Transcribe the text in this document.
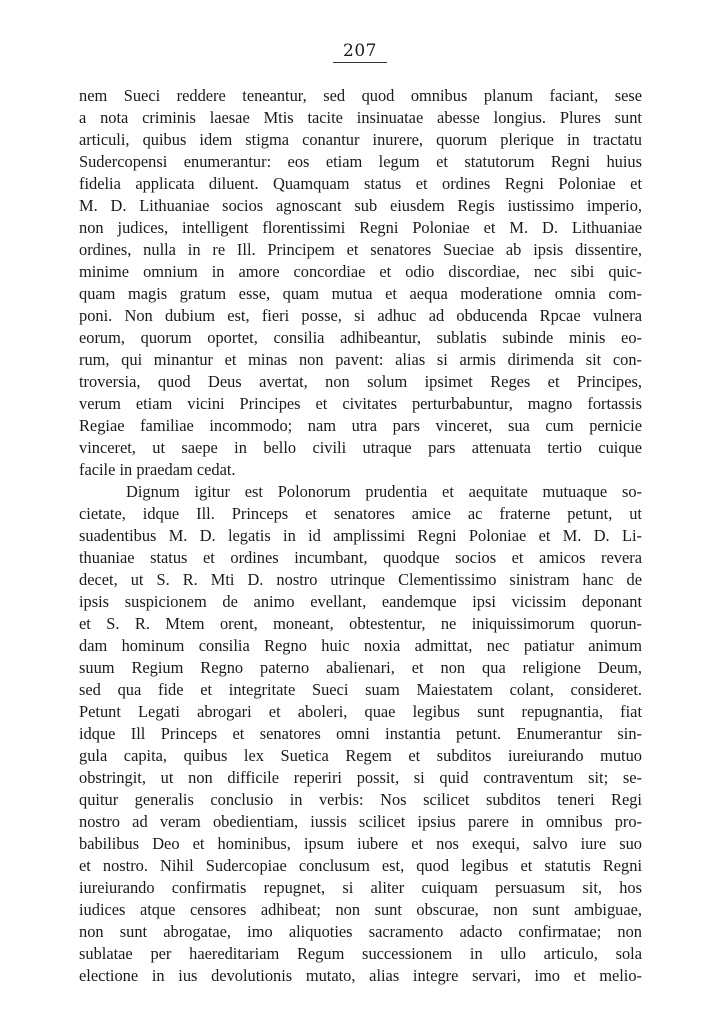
207
nem Sueci reddere teneantur, sed quod omnibus planum faciant, sese
a nota criminis laesae Mtis tacite insinuatae abesse longius. Plures sunt
articuli, quibus idem stigma conantur inurere, quorum plerique in tractatu
Sudercopensi enumerantur: eos etiam legum et statutorum Regni huius
fidelia applicata diluent. Quamquam status et ordines Regni Poloniae et
M. D. Lithuaniae socios agnoscant sub eiusdem Regis iustissimo imperio,
non judices, intelligent florentissimi Regni Poloniae et M. D. Lithuaniae
ordines, nulla in re Ill. Principem et senatores Sueciae ab ipsis dissentire,
minime omnium in amore concordiae et odio discordiae, nec sibi quic-
quam magis gratum esse, quam mutua et aequa moderatione omnia com-
poni. Non dubium est, fieri posse, si adhuc ad obducenda Rpcae vulnera
eorum, quorum oportet, consilia adhibeantur, sublatis subinde minis eo-
rum, qui minantur et minas non pavent: alias si armis dirimenda sit con-
troversia, quod Deus avertat, non solum ipsimet Reges et Principes,
verum etiam vicini Principes et civitates perturbabuntur, magno fortassis
Regiae familiae incommodo; nam utra pars vinceret, sua cum pernicie
vinceret, ut saepe in bello civili utraque pars attenuata tertio cuique
facile in praedam cedat.
Dignum igitur est Polonorum prudentia et aequitate mutuaque so-
cietate, idque Ill. Princeps et senatores amice ac fraterne petunt, ut
suadentibus M. D. legatis in id amplissimi Regni Poloniae et M. D. Li-
thuaniae status et ordines incumbant, quodque socios et amicos revera
decet, ut S. R. Mti D. nostro utrinque Clementissimo sinistram hanc de
ipsis suspicionem de animo evellant, eandemque ipsi vicissim deponant
et S. R. Mtem orent, moneant, obtestentur, ne iniquissimorum quorun-
dam hominum consilia Regno huic noxia admittat, nec patiatur animum
suum Regium Regno paterno abalienari, et non qua religione Deum,
sed qua fide et integritate Sueci suam Maiestatem colant, consideret.
Petunt Legati abrogari et aboleri, quae legibus sunt repugnantia, fiat
idque Ill Princeps et senatores omni instantia petunt. Enumerantur sin-
gula capita, quibus lex Suetica Regem et subditos iureiurando mutuo
obstringit, ut non difficile reperiri possit, si quid contraventum sit; se-
quitur generalis conclusio in verbis: Nos scilicet subditos teneri Regi
nostro ad veram obedientiam, iussis scilicet ipsius parere in omnibus pro-
babilibus Deo et hominibus, ipsum iubere et nos exequi, salvo iure suo
et nostro. Nihil Sudercopiae conclusum est, quod legibus et statutis Regni
iureiurando confirmatis repugnet, si aliter cuiquam persuasum sit, hos
iudices atque censores adhibeat; non sunt obscurae, non sunt ambiguae,
non sunt abrogatae, imo aliquoties sacramento adacto confirmatae; non
sublatae per haereditariam Regum successionem in ullo articulo, sola
electione in ius devolutionis mutato, alias integre servari, imo et melio-
